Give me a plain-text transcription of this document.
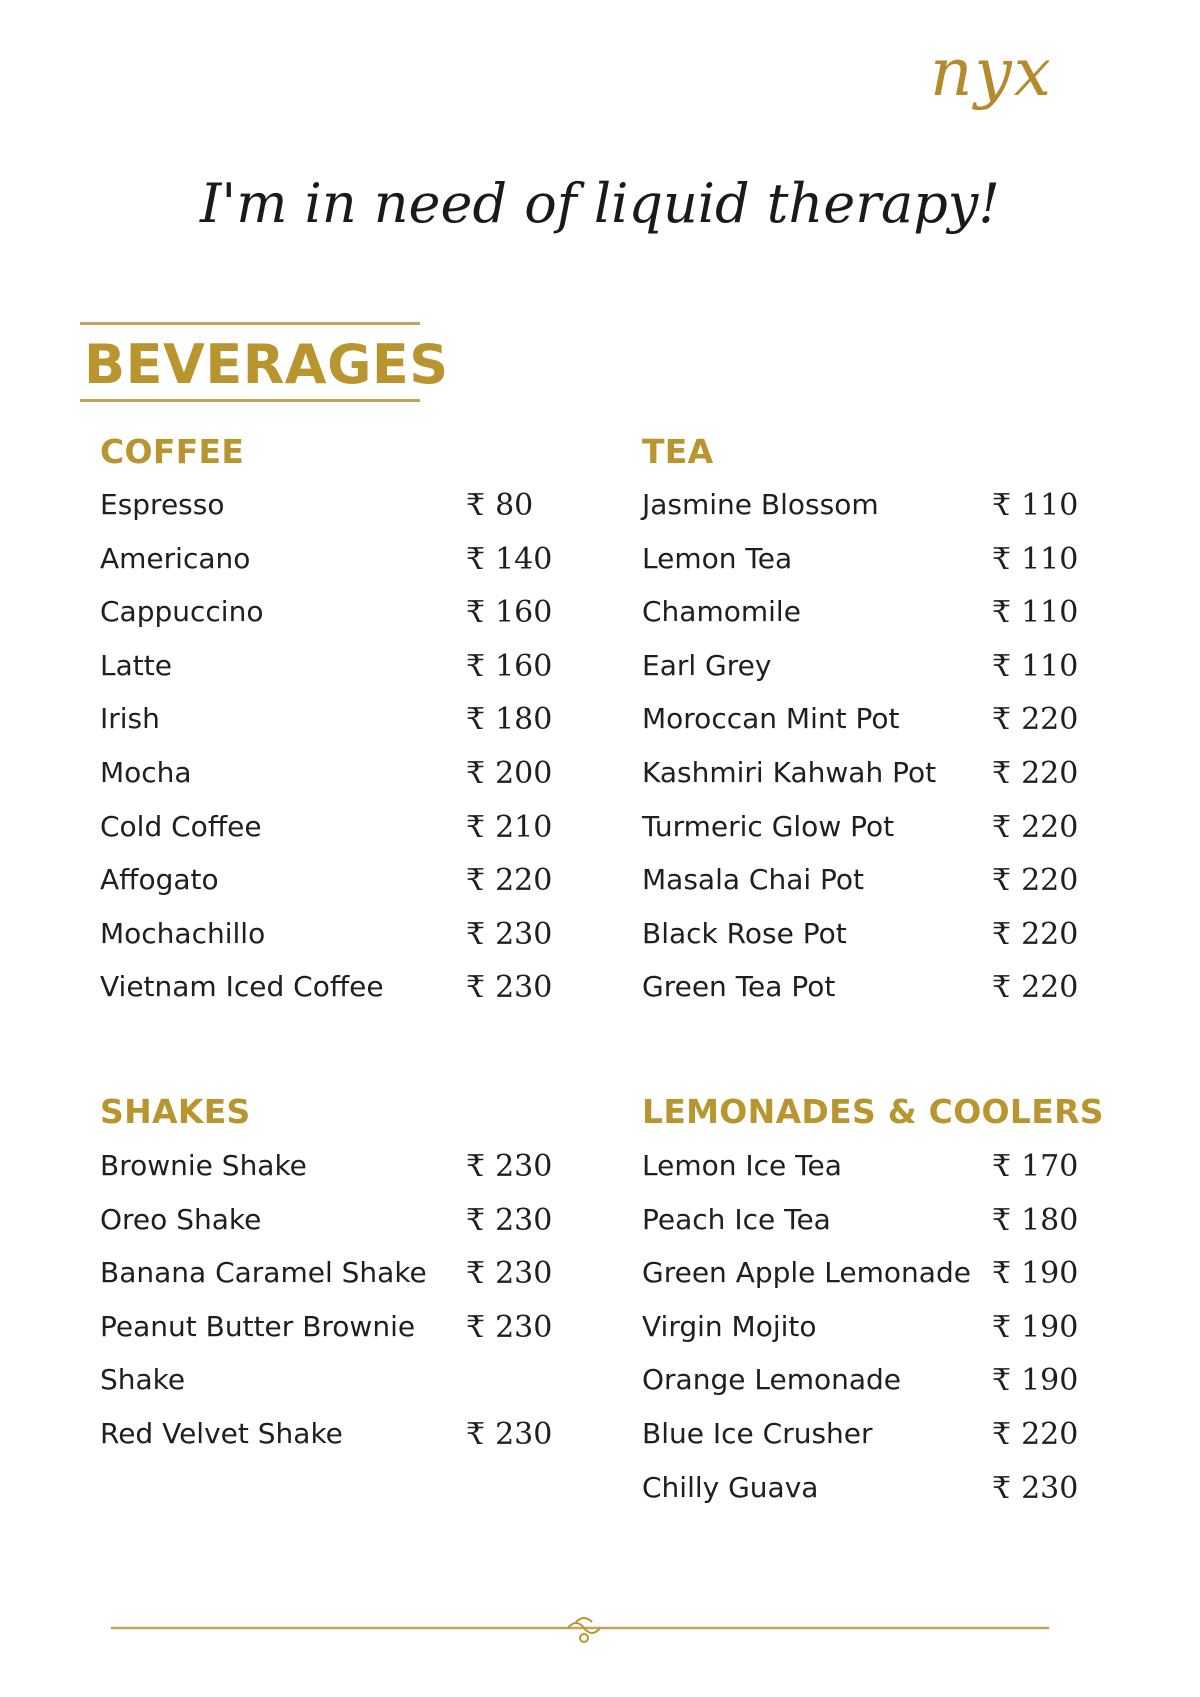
nyx
I'm in need of liquid therapy!
BEVERAGES
COFFEE	TEA
SHAKES	LEMONADES & COOLERS
Espresso	₹ 80
Americano	₹ 140
Cappuccino	₹ 160
Latte	₹ 160
Irish	₹ 180
Mocha	₹ 200
Cold Coffee	₹ 210
Affogato	₹ 220
Mochachillo	₹ 230
Vietnam Iced Coffee	₹ 230
Jasmine Blossom	₹ 110
Lemon Tea	₹ 110
Chamomile	₹ 110
Earl Grey	₹ 110
Moroccan Mint Pot	₹ 220
Kashmiri Kahwah Pot ₹ 220
Turmeric Glow Pot	₹ 220
Masala Chai Pot	₹ 220
Black Rose Pot	₹ 220
Green Tea Pot	₹ 220
Brownie Shake	₹ 230
Oreo Shake	₹ 230
Banana Caramel Shake ₹ 230
Peanut Butter Brownie ₹ 230
Shake
Red Velvet Shake	₹ 230
Lemon Ice Tea	₹ 170
Peach Ice Tea	₹ 180
Green Apple Lemonade ₹ 190
Virgin Mojito	₹ 190
Orange Lemonade	₹ 190
Blue Ice Crusher	₹ 220
Chilly Guava	₹ 230
